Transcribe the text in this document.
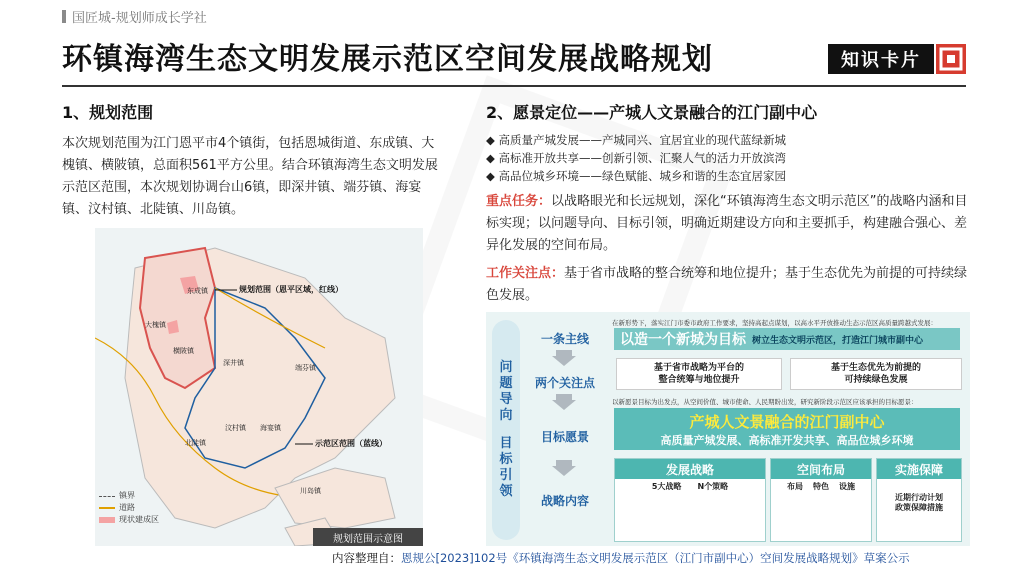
国匠城-规划师成长学社
环镇海湾生态文明发展示范区空间发展战略规划	知识卡片
1、规划范围
本次规划范围为江门恩平市4个镇街，包括恩城街道、东成镇、大槐镇、横陂镇，总面积561平方公里。结合环镇海湾生态文明发展示范区范围，本次规划协调台山6镇，即深井镇、端芬镇、海宴镇、汶村镇、北陡镇、川岛镇。
东成镇
大槐镇
横陂镇
深井镇
端芬镇
汶村镇 海宴镇
北陡镇
川岛镇
规划范围（恩平区域，红线）
示范区范围（蓝线）
镇界
道路
现状建成区
规划范围示意图
2、愿景定位——产城人文景融合的江门副中心
◆ 高质量产城发展——产城同兴、宜居宜业的现代蓝绿新城
◆ 高标准开放共享——创新引领、汇聚人气的活力开放滨湾
◆ 高品位城乡环境——绿色赋能、城乡和谐的生态宜居家园
重点任务：以战略眼光和长远规划，深化“环镇海湾生态文明示范区”的战略内涵和目标实现；以问题导向、目标引领，明确近期建设方向和主要抓手，构建融合强心、差异化发展的空间布局。
工作关注点：基于省市战略的整合统筹和地位提升；基于生态优先为前提的可持续绿色发展。
问
题
导
向
目
标
引
领
一条主线
两个关注点
目标愿景
战略内容
在新形势下，落实江门市委市政府工作要求，坚持高起点谋划，以高水平开放推动生态示范区高质量跨越式发展：
以造一个新城为目标 树立生态文明示范区，打造江门城市副中心
基于省市战略为平台的
整合统筹与地位提升
基于生态优先为前提的
可持续绿色发展
以新愿景目标为出发点，从空间价值、城市使命、人民期盼出发，研究新阶段示范区应该承担的目标愿景：
产城人文景融合的江门副中心
高质量产城发展、高标准开发共享、高品位城乡环境
发展战略
5大战略 N个策略
空间布局
布局 特色 设施
实施保障
近期行动计划
政策保障措施
内容整理自：恩规公[2023]102号《环镇海湾生态文明发展示范区（江门市副中心）空间发展战略规划》草案公示
